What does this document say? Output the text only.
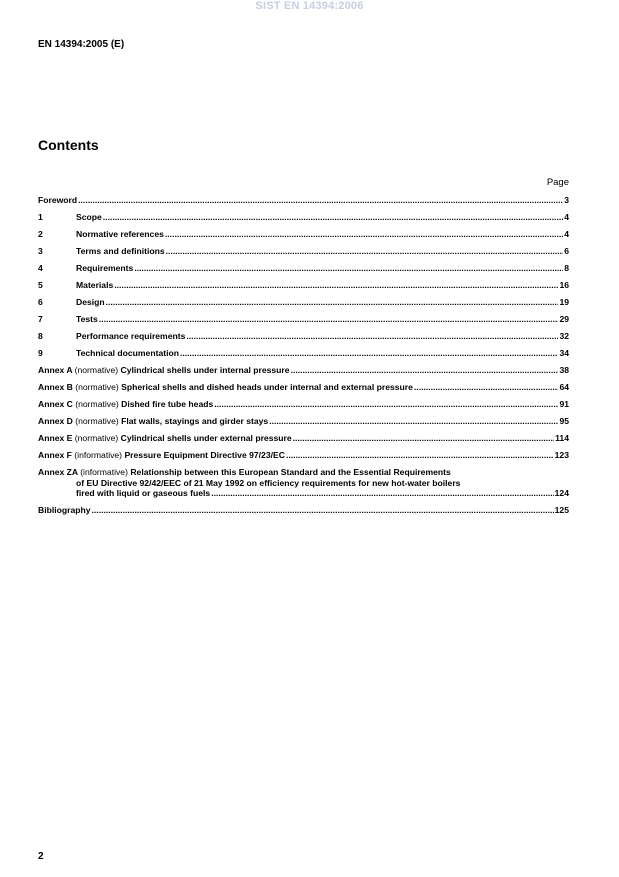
SIST EN 14394:2006
EN 14394:2005 (E)
Contents
Page
Foreword .....	3
1	Scope .....	4
2	Normative references .....	4
3	Terms and definitions .....	6
4	Requirements .....	8
5	Materials .....	16
6	Design .....	19
7	Tests .....	29
8	Performance requirements .....	32
9	Technical documentation .....	34
Annex A (normative) Cylindrical shells under internal pressure .....	38
Annex B (normative) Spherical shells and dished heads under internal and external pressure .....	64
Annex C (normative) Dished fire tube heads .....	91
Annex D (normative) Flat walls, stayings and girder stays .....	95
Annex E (normative) Cylindrical shells under external pressure .....	114
Annex F (informative) Pressure Equipment Directive 97/23/EC .....	123
Annex ZA (informative) Relationship between this European Standard and the Essential Requirements
of EU Directive 92/42/EEC of 21 May 1992 on efficiency requirements for new hot-water boilers
fired with liquid or gaseous fuels .....	124
Bibliography .....	125
2
